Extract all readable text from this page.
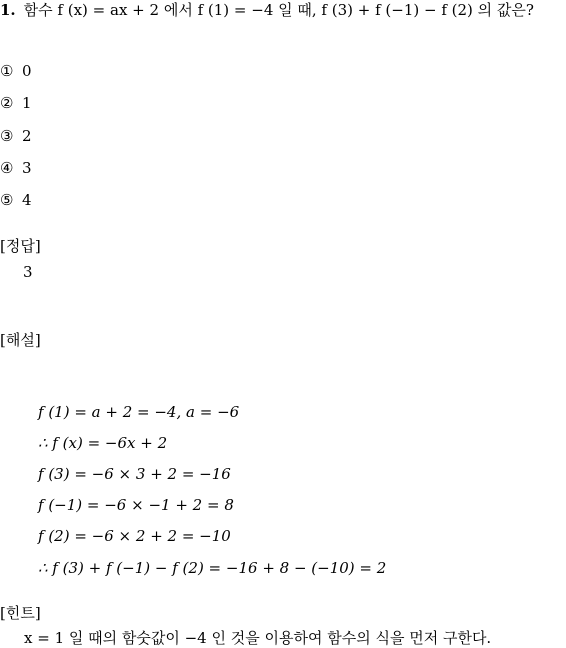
1. 함수 f (x) = ax + 2 에서 f (1) = −4 일 때, f (3) + f (−1) − f (2) 의 값은?
① 0
② 1
③ 2
④ 3
⑤ 4
[정답]
3
[해설]
f (1) = a + 2 = −4, a = −6
∴ f (x) = −6x + 2
f (3) = −6 × 3 + 2 = −16
f (−1) = −6 × −1 + 2 = 8
f (2) = −6 × 2 + 2 = −10
∴ f (3) + f (−1) − f (2) = −16 + 8 − (−10) = 2
[힌트]
x = 1 일 때의 함숫값이 −4 인 것을 이용하여 함수의 식을 먼저 구한다.
